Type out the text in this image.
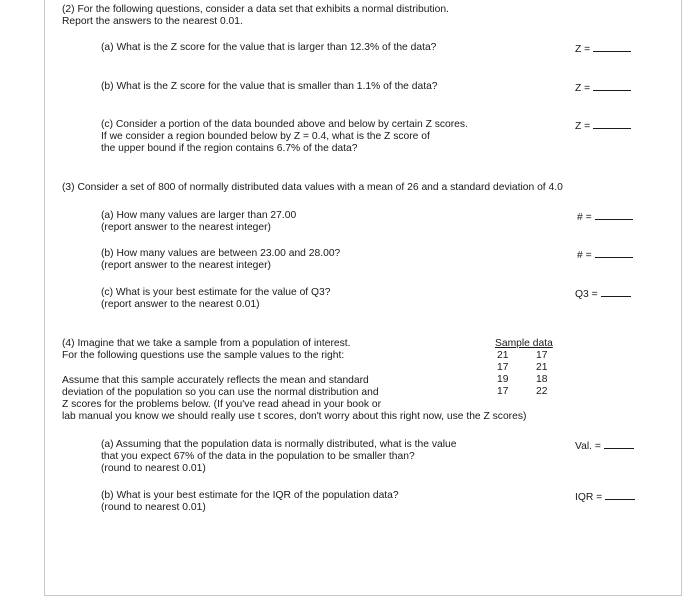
(2) For the following questions, consider a data set that exhibits a normal distribution.
Report the answers to the nearest 0.01.
(a) What is the Z score for the value that is larger than 12.3% of the data?	Z =
(b) What is the Z score for the value that is smaller than 1.1% of the data?	Z =
(c) Consider a portion of the data bounded above and below by certain Z scores.
If we consider a region bounded below by Z = 0.4, what is the Z score of
the upper bound if the region contains 6.7% of the data?
Z =
(3) Consider a set of 800 of normally distributed data values with a mean of 26 and a standard deviation of 4.0
(a) How many values are larger than 27.00
(report answer to the nearest integer)
# =
(b) How many values are between 23.00 and 28.00?
(report answer to the nearest integer)
# =
(c) What is your best estimate for the value of Q3?
(report answer to the nearest 0.01)
Q3 =
(4) Imagine that we take a sample from a population of interest.
For the following questions use the sample values to the right:
Sample data
21	17
17	21
19	18
17	22
Assume that this sample accurately reflects the mean and standard
deviation of the population so you can use the normal distribution and
Z scores for the problems below. (If you've read ahead in your book or
lab manual you know we should really use t scores, don't worry about this right now, use the Z scores)
(a) Assuming that the population data is normally distributed, what is the value
that you expect 67% of the data in the population to be smaller than?
(round to nearest 0.01)
Val. =
(b) What is your best estimate for the IQR of the population data?
(round to nearest 0.01)
IQR =
